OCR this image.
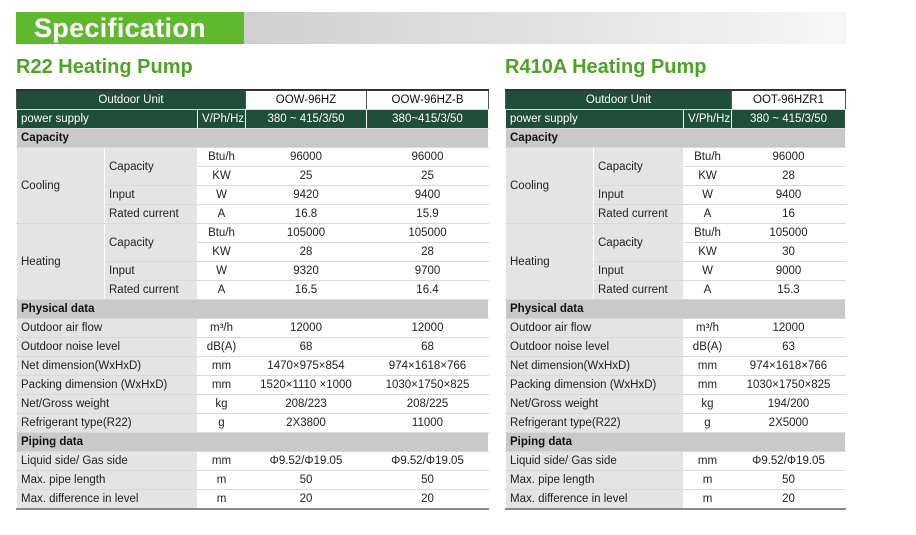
Specification
R22 Heating Pump	R410A Heating Pump
Outdoor Unit			OOW-96HZ	OOW-96HZ-B
power supply		V/Ph/Hz	380 ~ 415/3/50	380~415/3/50
Capacity				
Cooling	Capacity	Btu/h	96000	96000
		KW	25	25
	Input	W	9420	9400
	Rated current	A	16.8	15.9
Heating	Capacity	Btu/h	105000	105000
		KW	28	28
	Input	W	9320	9700
	Rated current	A	16.5	16.4
Physical data				
Outdoor air flow		m³/h	12000	12000
Outdoor noise level		dB(A)	68	68
Net dimension(WxHxD)		mm	1470×975×854	974×1618×766
Packing dimension (WxHxD)		mm	1520×1110 ×1000	1030×1750×825
Net/Gross weight		kg	208/223	208/225
Refrigerant type(R22)		g	2X3800	11000
Piping data				
Liquid side/ Gas side		mm	Φ9.52/Φ19.05	Φ9.52/Φ19.05
Max. pipe length		m	50	50
Max. difference in level		m	20	20
Outdoor Unit			OOT-96HZR1
power supply		V/Ph/Hz	380 ~ 415/3/50
Capacity			
Cooling	Capacity	Btu/h	96000
		KW	28
	Input	W	9400
	Rated current	A	16
Heating	Capacity	Btu/h	105000
		KW	30
	Input	W	9000
	Rated current	A	15.3
Physical data			
Outdoor air flow		m³/h	12000
Outdoor noise level		dB(A)	63
Net dimension(WxHxD)		mm	974×1618×766
Packing dimension (WxHxD)		mm	1030×1750×825
Net/Gross weight		kg	194/200
Refrigerant type(R22)		g	2X5000
Piping data			
Liquid side/ Gas side		mm	Φ9.52/Φ19.05
Max. pipe length		m	50
Max. difference in level		m	20
